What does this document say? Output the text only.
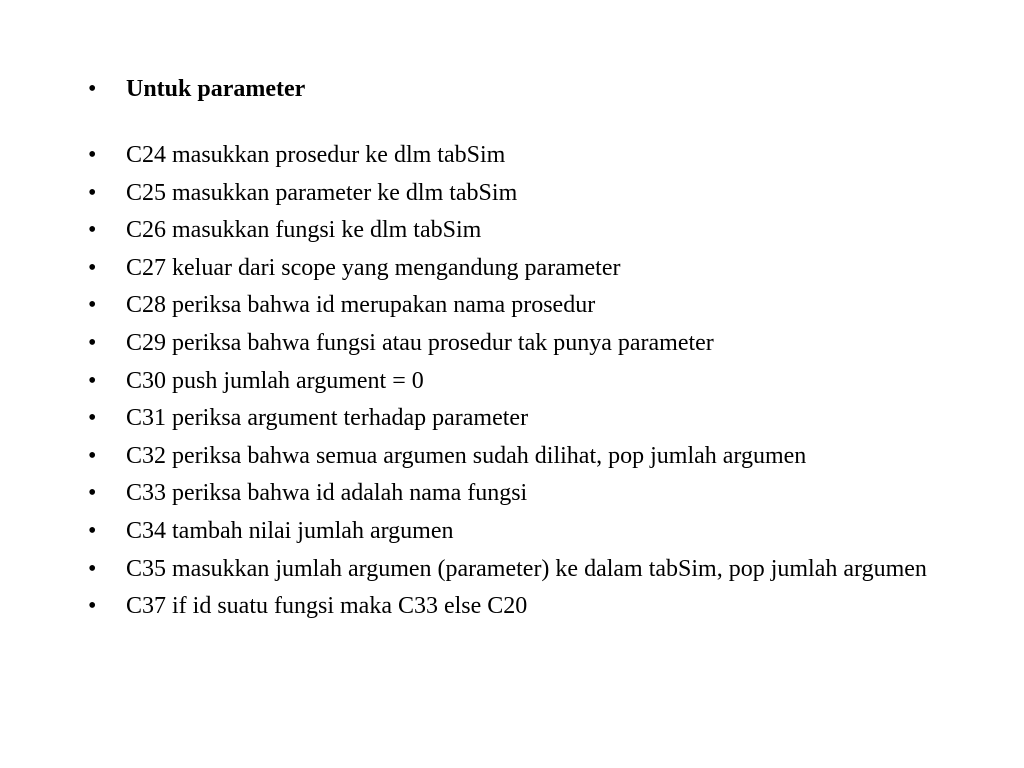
•	Untuk parameter
•	C24 masukkan prosedur ke dlm tabSim
•	C25 masukkan parameter ke dlm tabSim
•	C26 masukkan fungsi ke dlm tabSim
•	C27 keluar dari scope yang mengandung parameter
•	C28 periksa bahwa id merupakan nama prosedur
•	C29 periksa bahwa fungsi atau prosedur tak punya parameter
•	C30 push jumlah argument = 0
•	C31 periksa argument terhadap parameter
•	C32 periksa bahwa semua argumen sudah dilihat, pop jumlah argumen
•	C33 periksa bahwa id adalah nama fungsi
•	C34 tambah nilai jumlah argumen
•	C35 masukkan jumlah argumen (parameter) ke dalam tabSim, pop jumlah argumen
•	C37 if id suatu fungsi maka C33 else C20
